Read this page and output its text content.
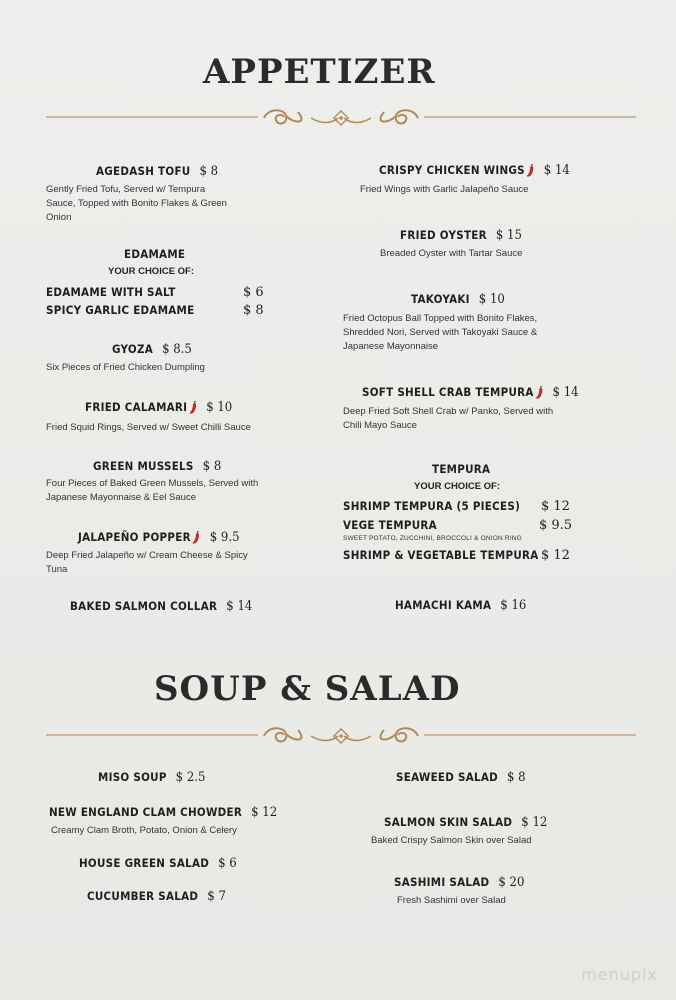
APPETIZER
AGEDASH TOFU $ 8
Gently Fried Tofu, Served w/ Tempura Sauce, Topped with Bonito Flakes & Green Onion
EDAMAME
YOUR CHOICE OF:
EDAMAME WITH SALT	$ 6
SPICY GARLIC EDAMAME	$ 8
GYOZA $ 8.5
Six Pieces of Fried Chicken Dumpling
FRIED CALAMARI $ 10
Fried Squid Rings, Served w/ Sweet Chilli Sauce
GREEN MUSSELS $ 8
Four Pieces of Baked Green Mussels, Served with Japanese Mayonnaise & Eel Sauce
JALAPEÑO POPPER $ 9.5
Deep Fried Jalapeño w/ Cream Cheese & Spicy Tuna
BAKED SALMON COLLAR $ 14
CRISPY CHICKEN WINGS $ 14
Fried Wings with Garlic Jalapeño Sauce
FRIED OYSTER $ 15
Breaded Oyster with Tartar Sauce
TAKOYAKI $ 10
Fried Octopus Ball Topped with Bonito Flakes, Shredded Nori, Served with Takoyaki Sauce & Japanese Mayonnaise
SOFT SHELL CRAB TEMPURA $ 14
Deep Fried Soft Shell Crab w/ Panko, Served with Chili Mayo Sauce
TEMPURA
YOUR CHOICE OF:
SHRIMP TEMPURA (5 PIECES) $ 12
VEGE TEMPURA	$ 9.5
SWEET POTATO, ZUCCHINI, BROCCOLI & ONION RING
SHRIMP & VEGETABLE TEMPURA $ 12
HAMACHI KAMA $ 16
SOUP & SALAD
MISO SOUP $ 2.5
NEW ENGLAND CLAM CHOWDER $ 12
Creamy Clam Broth, Potato, Onion & Celery
HOUSE GREEN SALAD $ 6
CUCUMBER SALAD $ 7
SEAWEED SALAD $ 8
SALMON SKIN SALAD $ 12
Baked Crispy Salmon Skin over Salad
SASHIMI SALAD $ 20
Fresh Sashimi over Salad
menupix
